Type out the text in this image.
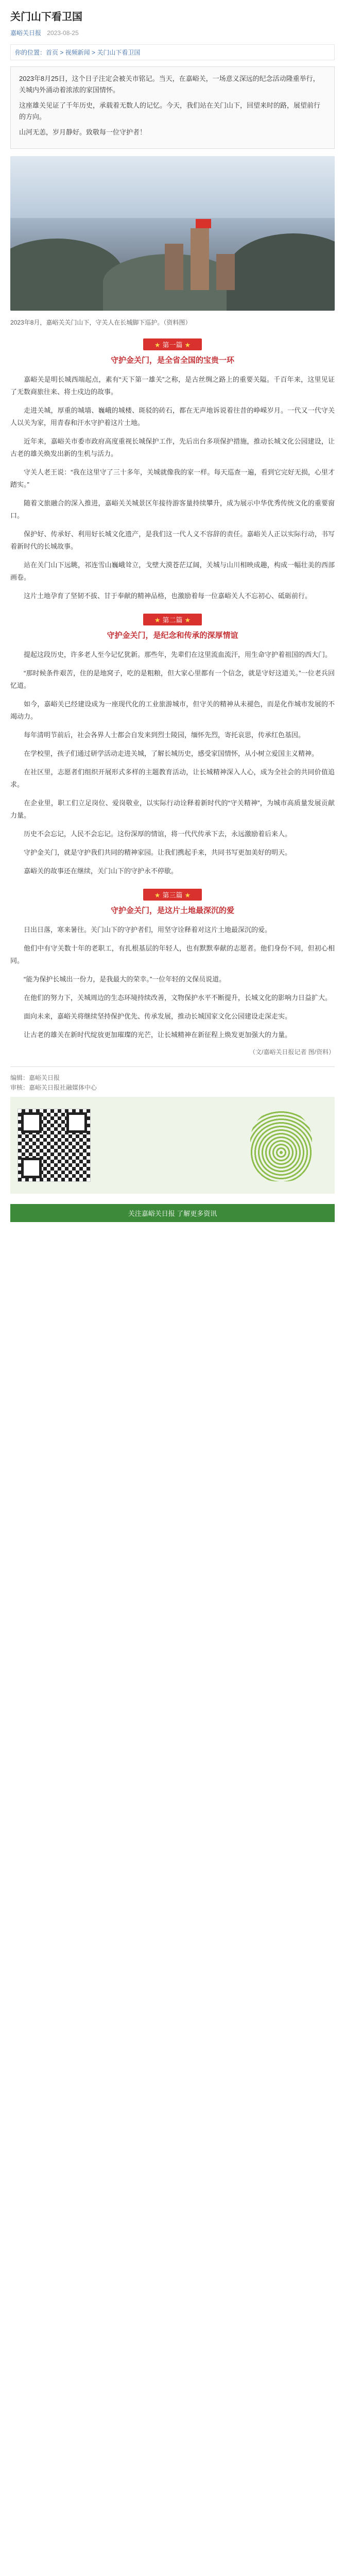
关门山下看卫国
嘉峪关日报 2023-08-25
你的位置：首页 > 视频新闻 > 关门山下看卫国

2023年8月25日，这个日子注定会被关市铭记。当天，在嘉峪关，一场意义深远的纪念活动隆重举行，关城内外涌动着浓浓的家国情怀。

这座雄关见证了千年历史，承载着无数人的记忆。今天，我们站在关门山下，回望来时的路，展望前行的方向。

山河无恙，岁月静好。致敬每一位守护者！

2023年8月，嘉峪关关门山下，守关人在长城脚下巡护。（资料图）
★ 第一篇 ★
守护金关门，是全省全国的宝贵一环

嘉峪关是明长城西端起点，素有“天下第一雄关”之称，是古丝绸之路上的重要关隘。千百年来，这里见证了无数商旅往来、将士戍边的故事。

走进关城，厚重的城墙、巍峨的城楼、斑驳的砖石，都在无声地诉说着往昔的峥嵘岁月。一代又一代守关人以关为家，用青春和汗水守护着这片土地。

近年来，嘉峪关市委市政府高度重视长城保护工作，先后出台多项保护措施，推动长城文化公园建设，让古老的雄关焕发出新的生机与活力。

守关人老王说：“我在这里守了三十多年，关城就像我的家一样。每天巡查一遍，看到它完好无损，心里才踏实。”

随着文旅融合的深入推进，嘉峪关关城景区年接待游客量持续攀升，成为展示中华优秀传统文化的重要窗口。

保护好、传承好、利用好长城文化遗产，是我们这一代人义不容辞的责任。嘉峪关人正以实际行动，书写着新时代的长城故事。

站在关门山下远眺，祁连雪山巍峨耸立，戈壁大漠苍茫辽阔，关城与山川相映成趣，构成一幅壮美的西部画卷。

这片土地孕育了坚韧不拔、甘于奉献的精神品格，也激励着每一位嘉峪关人不忘初心、砥砺前行。

★ 第二篇 ★
守护金关门，是纪念和传承的深厚情谊

提起这段历史，许多老人至今记忆犹新。那些年，先辈们在这里流血流汗，用生命守护着祖国的西大门。

“那时候条件艰苦，住的是地窝子，吃的是粗粮，但大家心里都有一个信念，就是守好这道关。”一位老兵回忆道。

如今，嘉峪关已经建设成为一座现代化的工业旅游城市，但守关的精神从未褪色，而是化作城市发展的不竭动力。

每年清明节前后，社会各界人士都会自发来到烈士陵园，缅怀先烈，寄托哀思，传承红色基因。

在学校里，孩子们通过研学活动走进关城，了解长城历史，感受家国情怀，从小树立爱国主义精神。

在社区里，志愿者们组织开展形式多样的主题教育活动，让长城精神深入人心，成为全社会的共同价值追求。

在企业里，职工们立足岗位、爱岗敬业，以实际行动诠释着新时代的“守关精神”，为城市高质量发展贡献力量。

历史不会忘记，人民不会忘记。这份深厚的情谊，将一代代传承下去，永远激励着后来人。

守护金关门，就是守护我们共同的精神家园。让我们携起手来，共同书写更加美好的明天。

嘉峪关的故事还在继续，关门山下的守护永不停歇。

★ 第三篇 ★
守护金关门，是这片土地最深沉的爱

日出日落，寒来暑往。关门山下的守护者们，用坚守诠释着对这片土地最深沉的爱。

他们中有守关数十年的老职工，有扎根基层的年轻人，也有默默奉献的志愿者。他们身份不同，但初心相同。

“能为保护长城出一份力，是我最大的荣幸。”一位年轻的文保员说道。

在他们的努力下，关城周边的生态环境持续改善，文物保护水平不断提升，长城文化的影响力日益扩大。

面向未来，嘉峪关将继续坚持保护优先、传承发展，推动长城国家文化公园建设走深走实。

让古老的雄关在新时代绽放更加璀璨的光芒，让长城精神在新征程上焕发更加强大的力量。

（文/嘉峪关日报记者 图/资料）
编辑：嘉峪关日报
审核：嘉峪关日报社融媒体中心
关注嘉峪关日报 了解更多资讯
